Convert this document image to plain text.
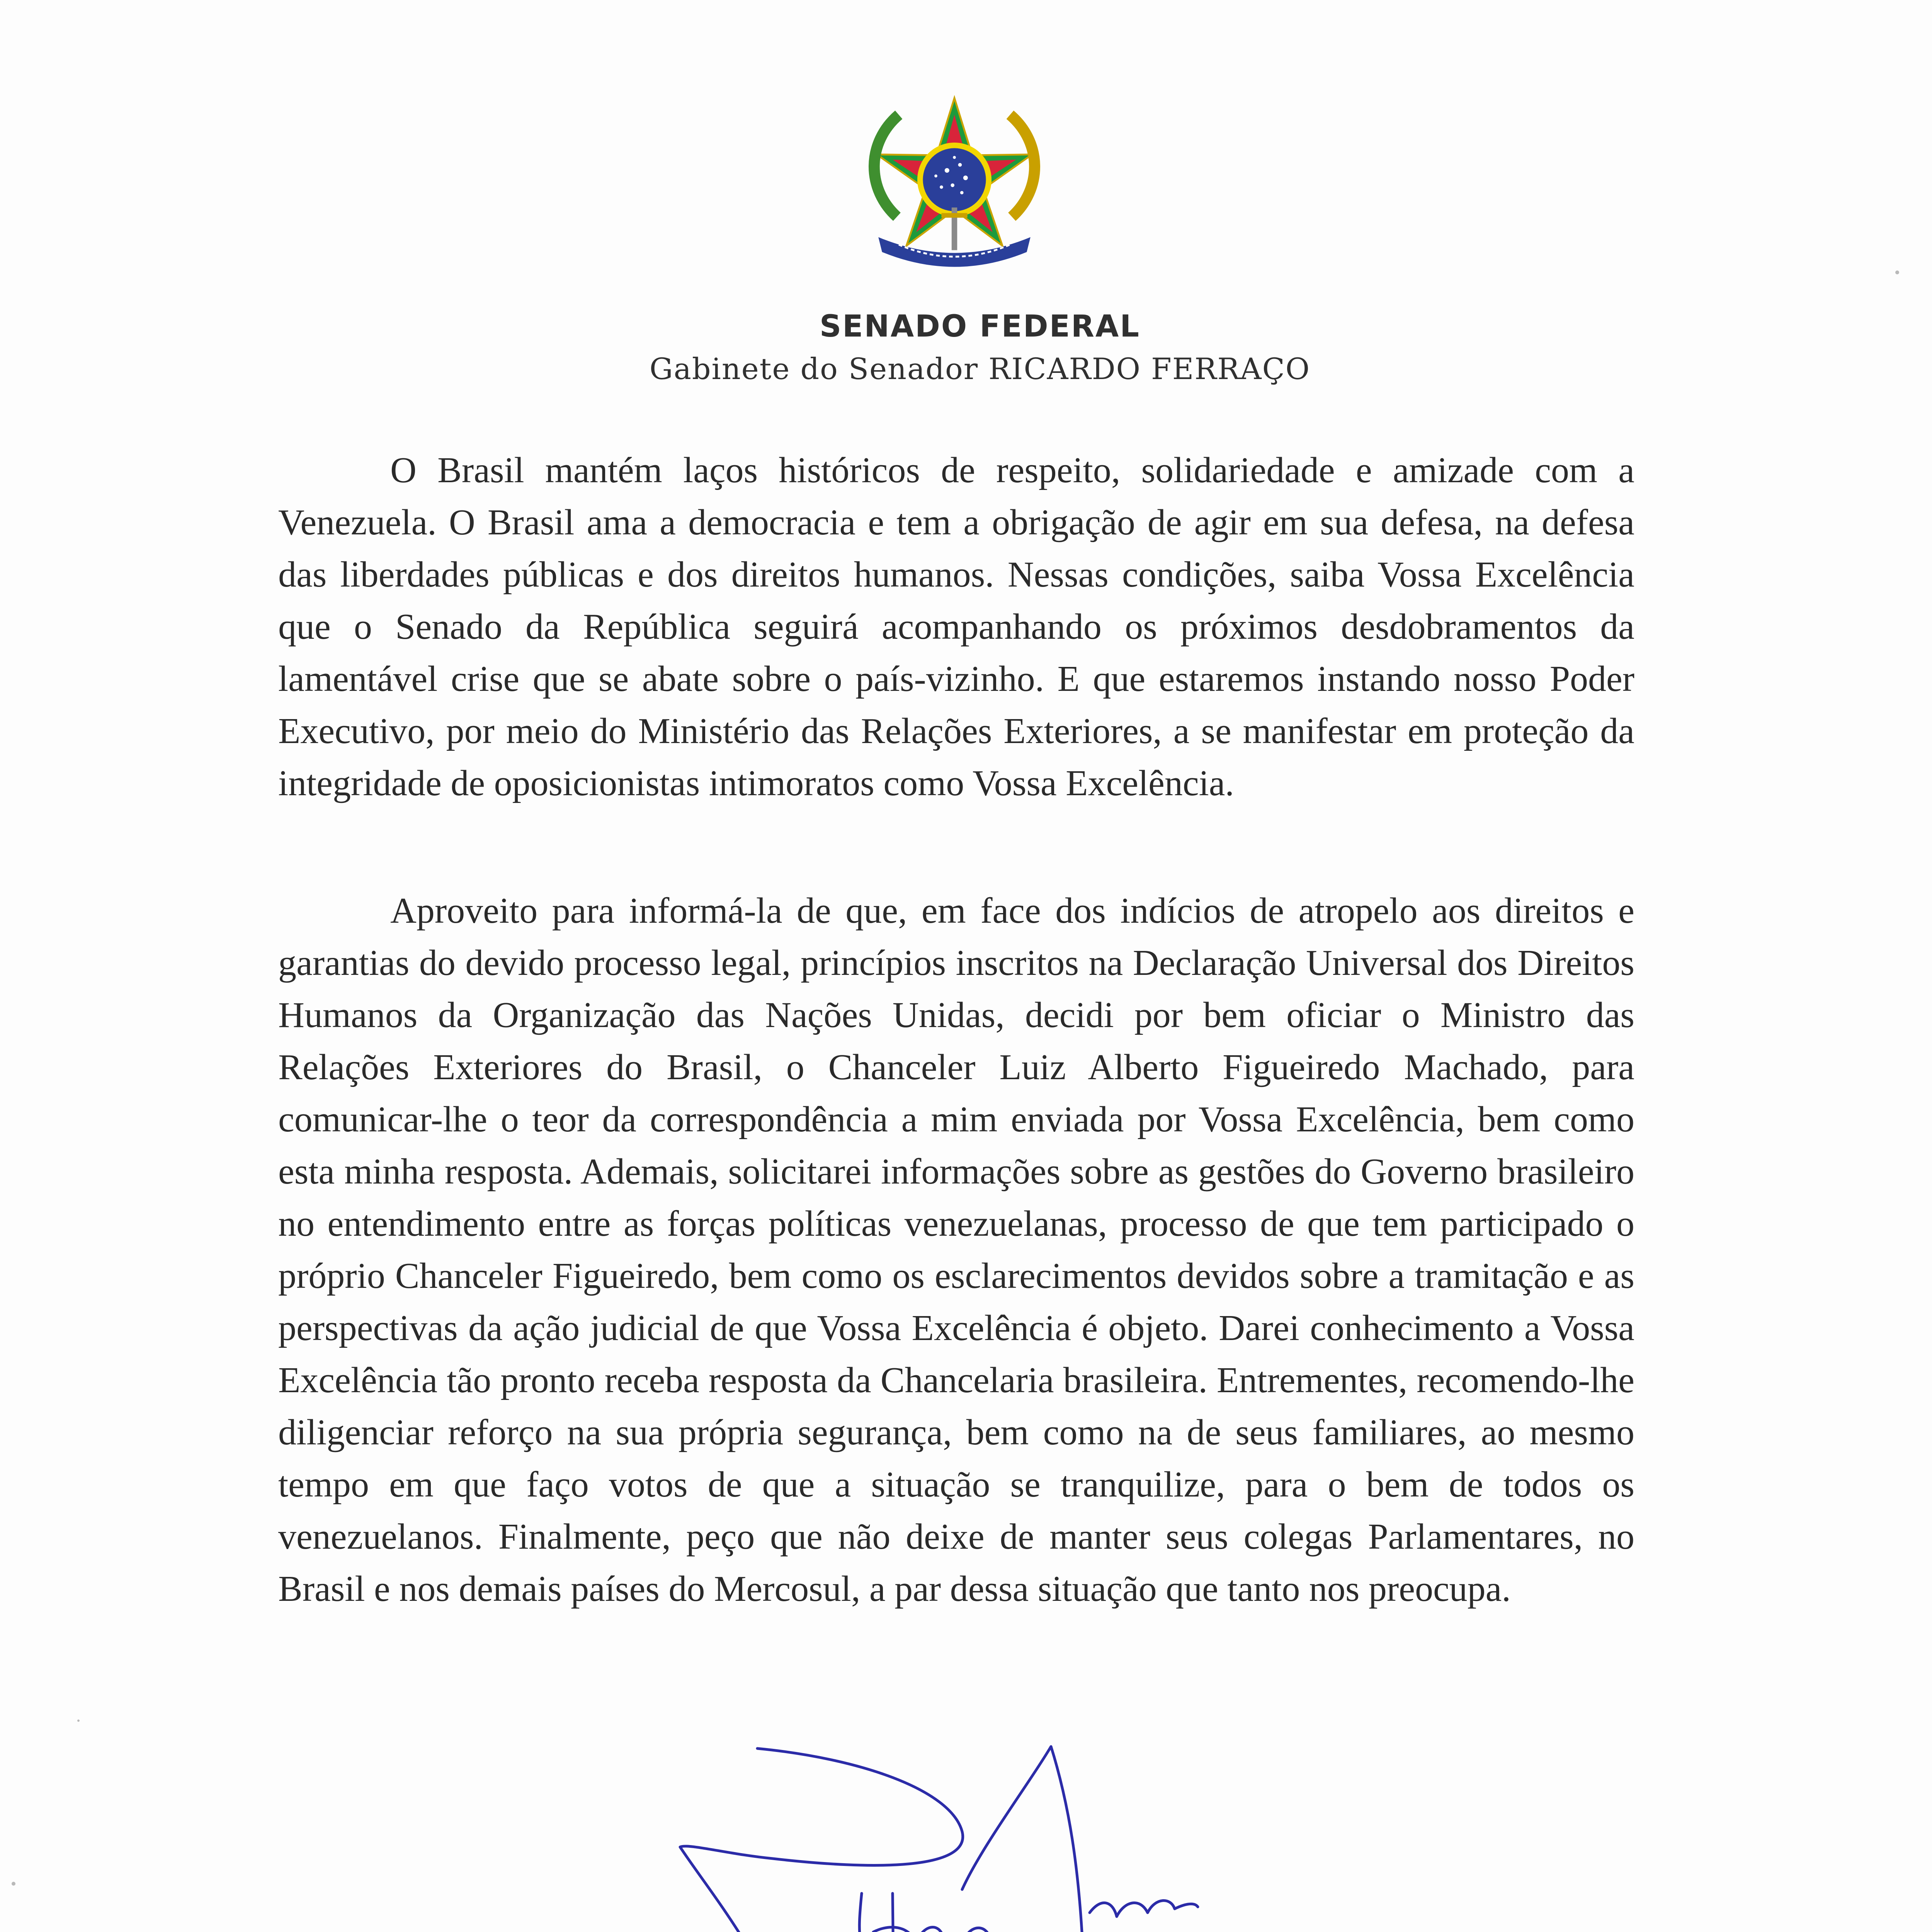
SENADO FEDERAL
Gabinete do Senador RICARDO FERRAÇO
O Brasil mantém laços históricos de respeito, solidariedade e amizade com a Venezuela. O Brasil ama a democracia e tem a obrigação de agir em sua defesa, na defesa das liberdades públicas e dos direitos humanos. Nessas condições, saiba Vossa Excelência que o Senado da República seguirá acompanhando os próximos desdobramentos da lamentável crise que se abate sobre o país-vizinho. E que estaremos instando nosso Poder Executivo, por meio do Ministério das Relações Exteriores, a se manifestar em proteção da integridade de oposicionistas intimoratos como Vossa Excelência.
Aproveito para informá-la de que, em face dos indícios de atropelo aos direitos e garantias do devido processo legal, princípios inscritos na Declaração Universal dos Direitos Humanos da Organização das Nações Unidas, decidi por bem oficiar o Ministro das Relações Exteriores do Brasil, o Chanceler Luiz Alberto Figueiredo Machado, para comunicar-lhe o teor da correspondência a mim enviada por Vossa Excelência, bem como esta minha resposta. Ademais, solicitarei informações sobre as gestões do Governo brasileiro no entendimento entre as forças políticas venezuelanas, processo de que tem participado o próprio Chanceler Figueiredo, bem como os esclarecimentos devidos sobre a tramitação e as perspectivas da ação judicial de que Vossa Excelência é objeto. Darei conhecimento a Vossa Excelência tão pronto receba resposta da Chancelaria brasileira. Entrementes, recomendo-lhe diligenciar reforço na sua própria segurança, bem como na de seus familiares, ao mesmo tempo em que faço votos de que a situação se tranquilize, para o bem de todos os venezuelanos. Finalmente, peço que não deixe de manter seus colegas Parlamentares, no Brasil e nos demais países do Mercosul, a par dessa situação que tanto nos preocupa.
